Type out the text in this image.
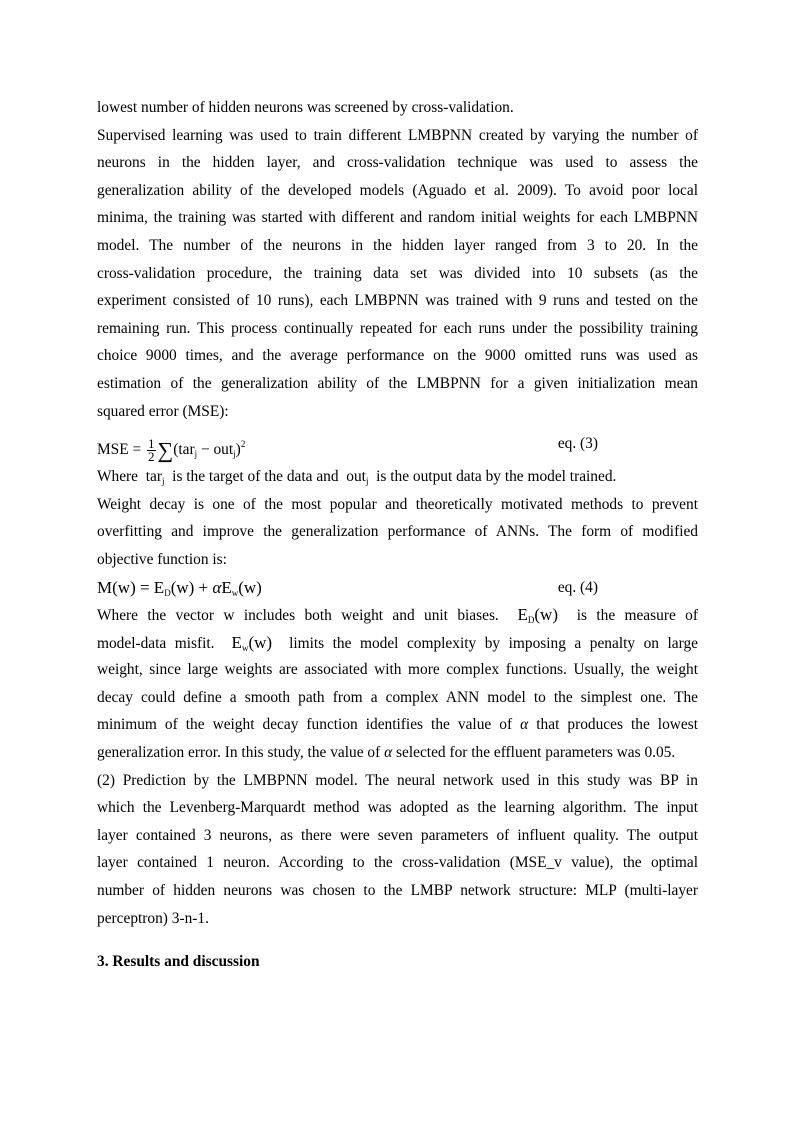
lowest number of hidden neurons was screened by cross-validation.
Supervised learning was used to train different LMBPNN created by varying the number of
neurons in the hidden layer, and cross-validation technique was used to assess the
generalization ability of the developed models (Aguado et al. 2009). To avoid poor local
minima, the training was started with different and random initial weights for each LMBPNN
model. The number of the neurons in the hidden layer ranged from 3 to 20. In the
cross-validation procedure, the training data set was divided into 10 subsets (as the
experiment consisted of 10 runs), each LMBPNN was trained with 9 runs and tested on the
remaining run. This process continually repeated for each runs under the possibility training
choice 9000 times, and the average performance on the 9000 omitted runs was used as
estimation of the generalization ability of the LMBPNN for a given initialization mean
squared error (MSE):
MSE = $\frac{1}{2} \sum(tar_j - out_j)^2$	eq. (3)
Where tar$_j$ is the target of the data and out$_j$ is the output data by the model trained.
Weight decay is one of the most popular and theoretically motivated methods to prevent
overfitting and improve the generalization performance of ANNs. The form of modified
objective function is:
$M(w) = E_D(w) + \alpha E_w(w)$	eq. (4)
Where the vector w includes both weight and unit biases. $E_D(w)$ is the measure of
model-data misfit. $E_w(w)$ limits the model complexity by imposing a penalty on large
weight, since large weights are associated with more complex functions. Usually, the weight
decay could define a smooth path from a complex ANN model to the simplest one. The
minimum of the weight decay function identifies the value of α that produces the lowest
generalization error. In this study, the value of α selected for the effluent parameters was 0.05.
(2) Prediction by the LMBPNN model. The neural network used in this study was BP in
which the Levenberg-Marquardt method was adopted as the learning algorithm. The input
layer contained 3 neurons, as there were seven parameters of influent quality. The output
layer contained 1 neuron. According to the cross-validation (MSE_v value), the optimal
number of hidden neurons was chosen to the LMBP network structure: MLP (multi-layer
perceptron) 3-n-1.
3. Results and discussion
